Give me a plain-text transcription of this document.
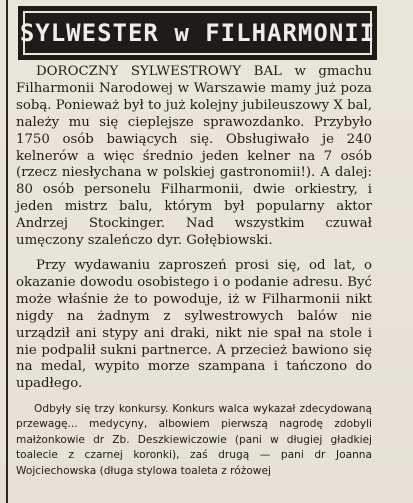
SYLWESTER w FILHARMONII

DOROCZNY SYLWESTROWY BAL w gmachu Filharmonii Narodowej w Warszawie mamy już poza sobą. Ponieważ był to już kolejny jubileuszowy X bal, należy mu się cieplejsze sprawozdanko. Przybyło 1750 osób bawiących się. Obsługiwało je 240 kelnerów a więc średnio jeden kelner na 7 osób (rzecz niesłychana w polskiej gastronomii!). A dalej: 80 osób personelu Filharmonii, dwie orkiestry, i jeden mistrz balu, którym był popularny aktor Andrzej Stockinger. Nad wszystkim czuwał umęczony szaleńczo dyr. Gołębiowski.

Przy wydawaniu zaproszeń prosi się, od lat, o okazanie dowodu osobistego i o podanie adresu. Być może właśnie że to powoduje, iż w Filharmonii nikt nigdy na żadnym z sylwestrowych balów nie urządził ani stypy ani draki, nikt nie spał na stole i nie podpalił sukni partnerce. A przecież bawiono się na medal, wypito morze szampana i tańczono do upadłego.

Odbyły się trzy konkursy. Konkurs walca wykazał zdecydowaną przewagę... medycyny, albowiem pierwszą nagrodę zdobyli małżonkowie dr Zb. Deszkiewiczowie (pani w długiej gładkiej toalecie z czarnej koronki), zaś drugą — pani dr Joanna Wojciechowska (długa stylowa toaleta z różowej
